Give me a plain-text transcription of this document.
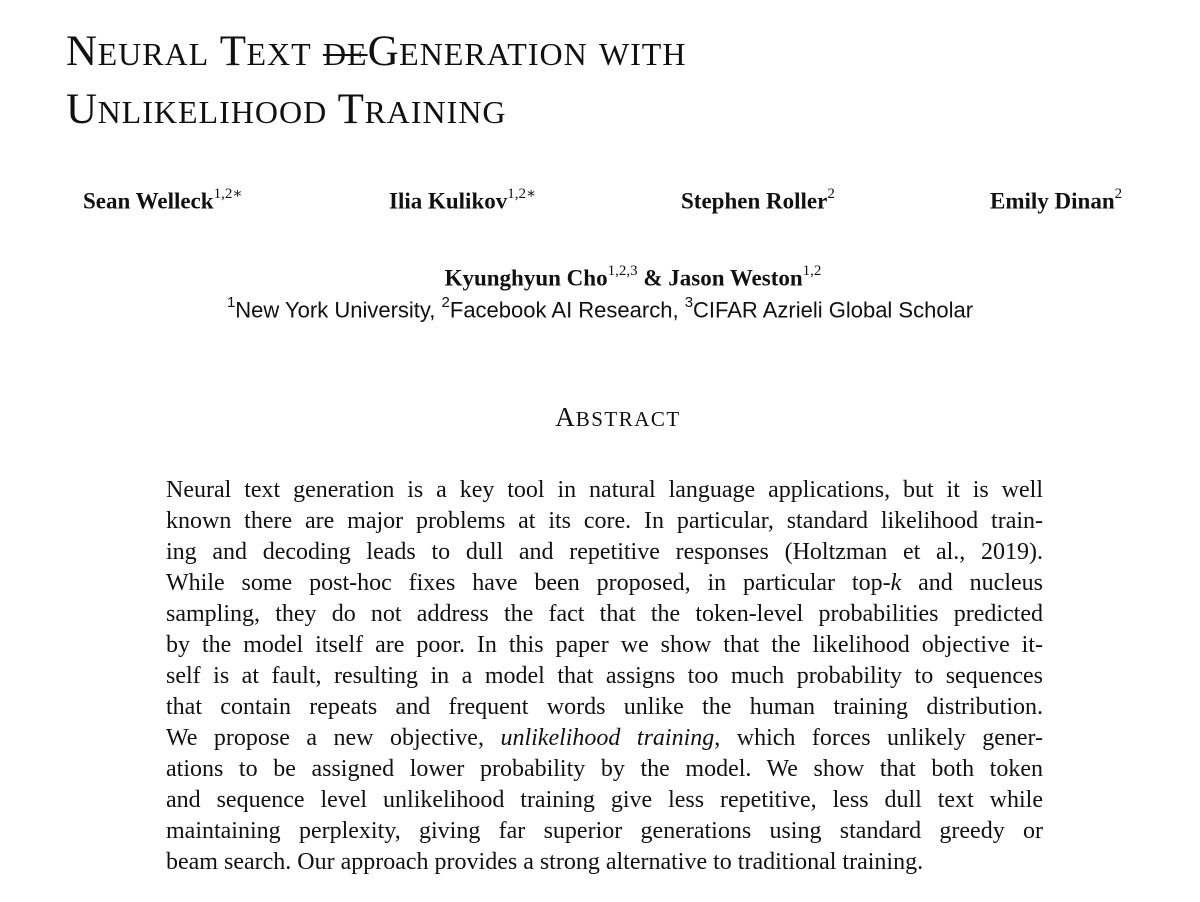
NEURAL TEXT DEGENERATION WITH
UNLIKELIHOOD TRAINING
Sean Welleck$^{1,2∗}$	Ilia Kulikov$^{1,2∗}$	Stephen Roller$^2$	Emily Dinan$^2$
Kyunghyun Cho$^{1,2,3}$ & Jason Weston$^{1,2}$
$^1$New York University, $^2$Facebook AI Research, $^3$CIFAR Azrieli Global Scholar
ABSTRACT
Neural text generation is a key tool in natural language applications, but it is well
known there are major problems at its core. In particular, standard likelihood train-
ing and decoding leads to dull and repetitive responses (Holtzman et al., 2019).
While some post-hoc fixes have been proposed, in particular top-k and nucleus
sampling, they do not address the fact that the token-level probabilities predicted
by the model itself are poor. In this paper we show that the likelihood objective it-
self is at fault, resulting in a model that assigns too much probability to sequences
that contain repeats and frequent words unlike the human training distribution.
We propose a new objective, unlikelihood training, which forces unlikely gener-
ations to be assigned lower probability by the model. We show that both token
and sequence level unlikelihood training give less repetitive, less dull text while
maintaining perplexity, giving far superior generations using standard greedy or
beam search. Our approach provides a strong alternative to traditional training.
